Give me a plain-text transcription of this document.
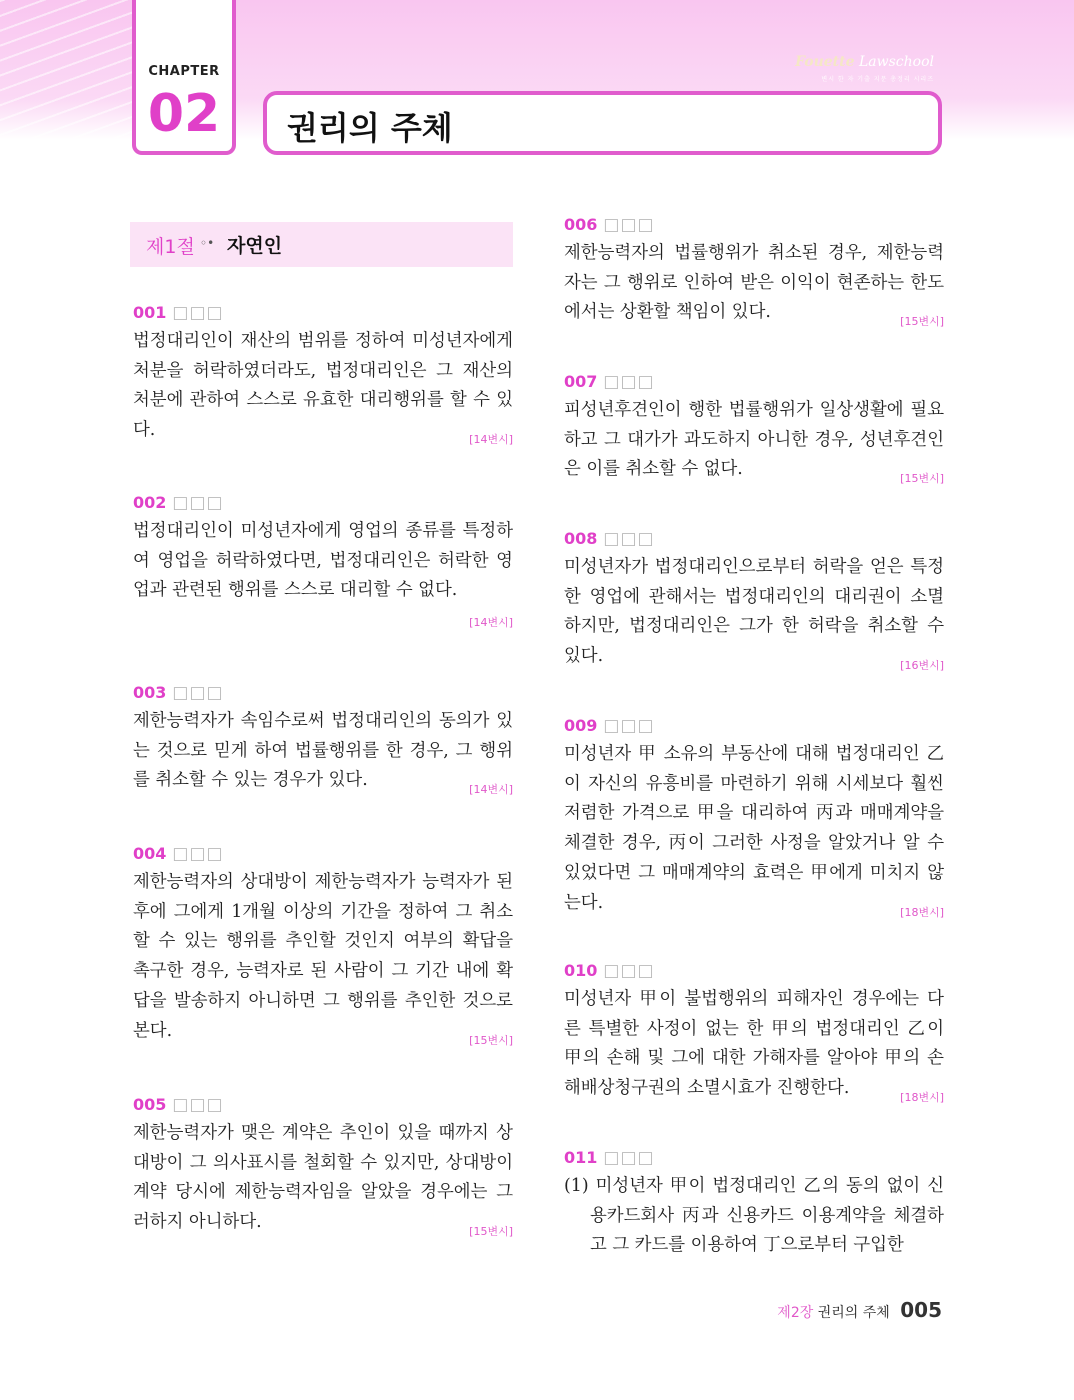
CHAPTER
02	권리의 주체
Fouette Lawschool
변시 한 자 기출 지문 총정리 시리즈
제1절 ◦• 자연인
001 □□□
법정대리인이 재산의 범위를 정하여 미성년자에게 처분을 허락하였더라도, 법정대리인은 그 재산의 처분에 관하여 스스로 유효한 대리행위를 할 수 있다.	[14변시]
002 □□□
법정대리인이 미성년자에게 영업의 종류를 특정하여 영업을 허락하였다면, 법정대리인은 허락한 영업과 관련된 행위를 스스로 대리할 수 없다.
[14변시]
003 □□□
제한능력자가 속임수로써 법정대리인의 동의가 있는 것으로 믿게 하여 법률행위를 한 경우, 그 행위를 취소할 수 있는 경우가 있다.	[14변시]
004 □□□
제한능력자의 상대방이 제한능력자가 능력자가 된 후에 그에게 1개월 이상의 기간을 정하여 그 취소할 수 있는 행위를 추인할 것인지 여부의 확답을 촉구한 경우, 능력자로 된 사람이 그 기간 내에 확답을 발송하지 아니하면 그 행위를 추인한 것으로 본다.	[15변시]
005 □□□
제한능력자가 맺은 계약은 추인이 있을 때까지 상대방이 그 의사표시를 철회할 수 있지만, 상대방이 계약 당시에 제한능력자임을 알았을 경우에는 그러하지 아니하다.	[15변시]
006 □□□
제한능력자의 법률행위가 취소된 경우, 제한능력자는 그 행위로 인하여 받은 이익이 현존하는 한도에서는 상환할 책임이 있다.	[15변시]
007 □□□
피성년후견인이 행한 법률행위가 일상생활에 필요하고 그 대가가 과도하지 아니한 경우, 성년후견인은 이를 취소할 수 없다.	[15변시]
008 □□□
미성년자가 법정대리인으로부터 허락을 얻은 특정한 영업에 관해서는 법정대리인의 대리권이 소멸하지만, 법정대리인은 그가 한 허락을 취소할 수 있다.	[16변시]
009 □□□
미성년자 甲 소유의 부동산에 대해 법정대리인 乙이 자신의 유흥비를 마련하기 위해 시세보다 훨씬 저렴한 가격으로 甲을 대리하여 丙과 매매계약을 체결한 경우, 丙이 그러한 사정을 알았거나 알 수 있었다면 그 매매계약의 효력은 甲에게 미치지 않는다.	[18변시]
010 □□□
미성년자 甲이 불법행위의 피해자인 경우에는 다른 특별한 사정이 없는 한 甲의 법정대리인 乙이 甲의 손해 및 그에 대한 가해자를 알아야 甲의 손해배상청구권의 소멸시효가 진행한다.	[18변시]
011 □□□
(1) 미성년자 甲이 법정대리인 乙의 동의 없이 신용카드회사 丙과 신용카드 이용계약을 체결하고 그 카드를 이용하여 丁으로부터 구입한
제2장 권리의 주체 005
